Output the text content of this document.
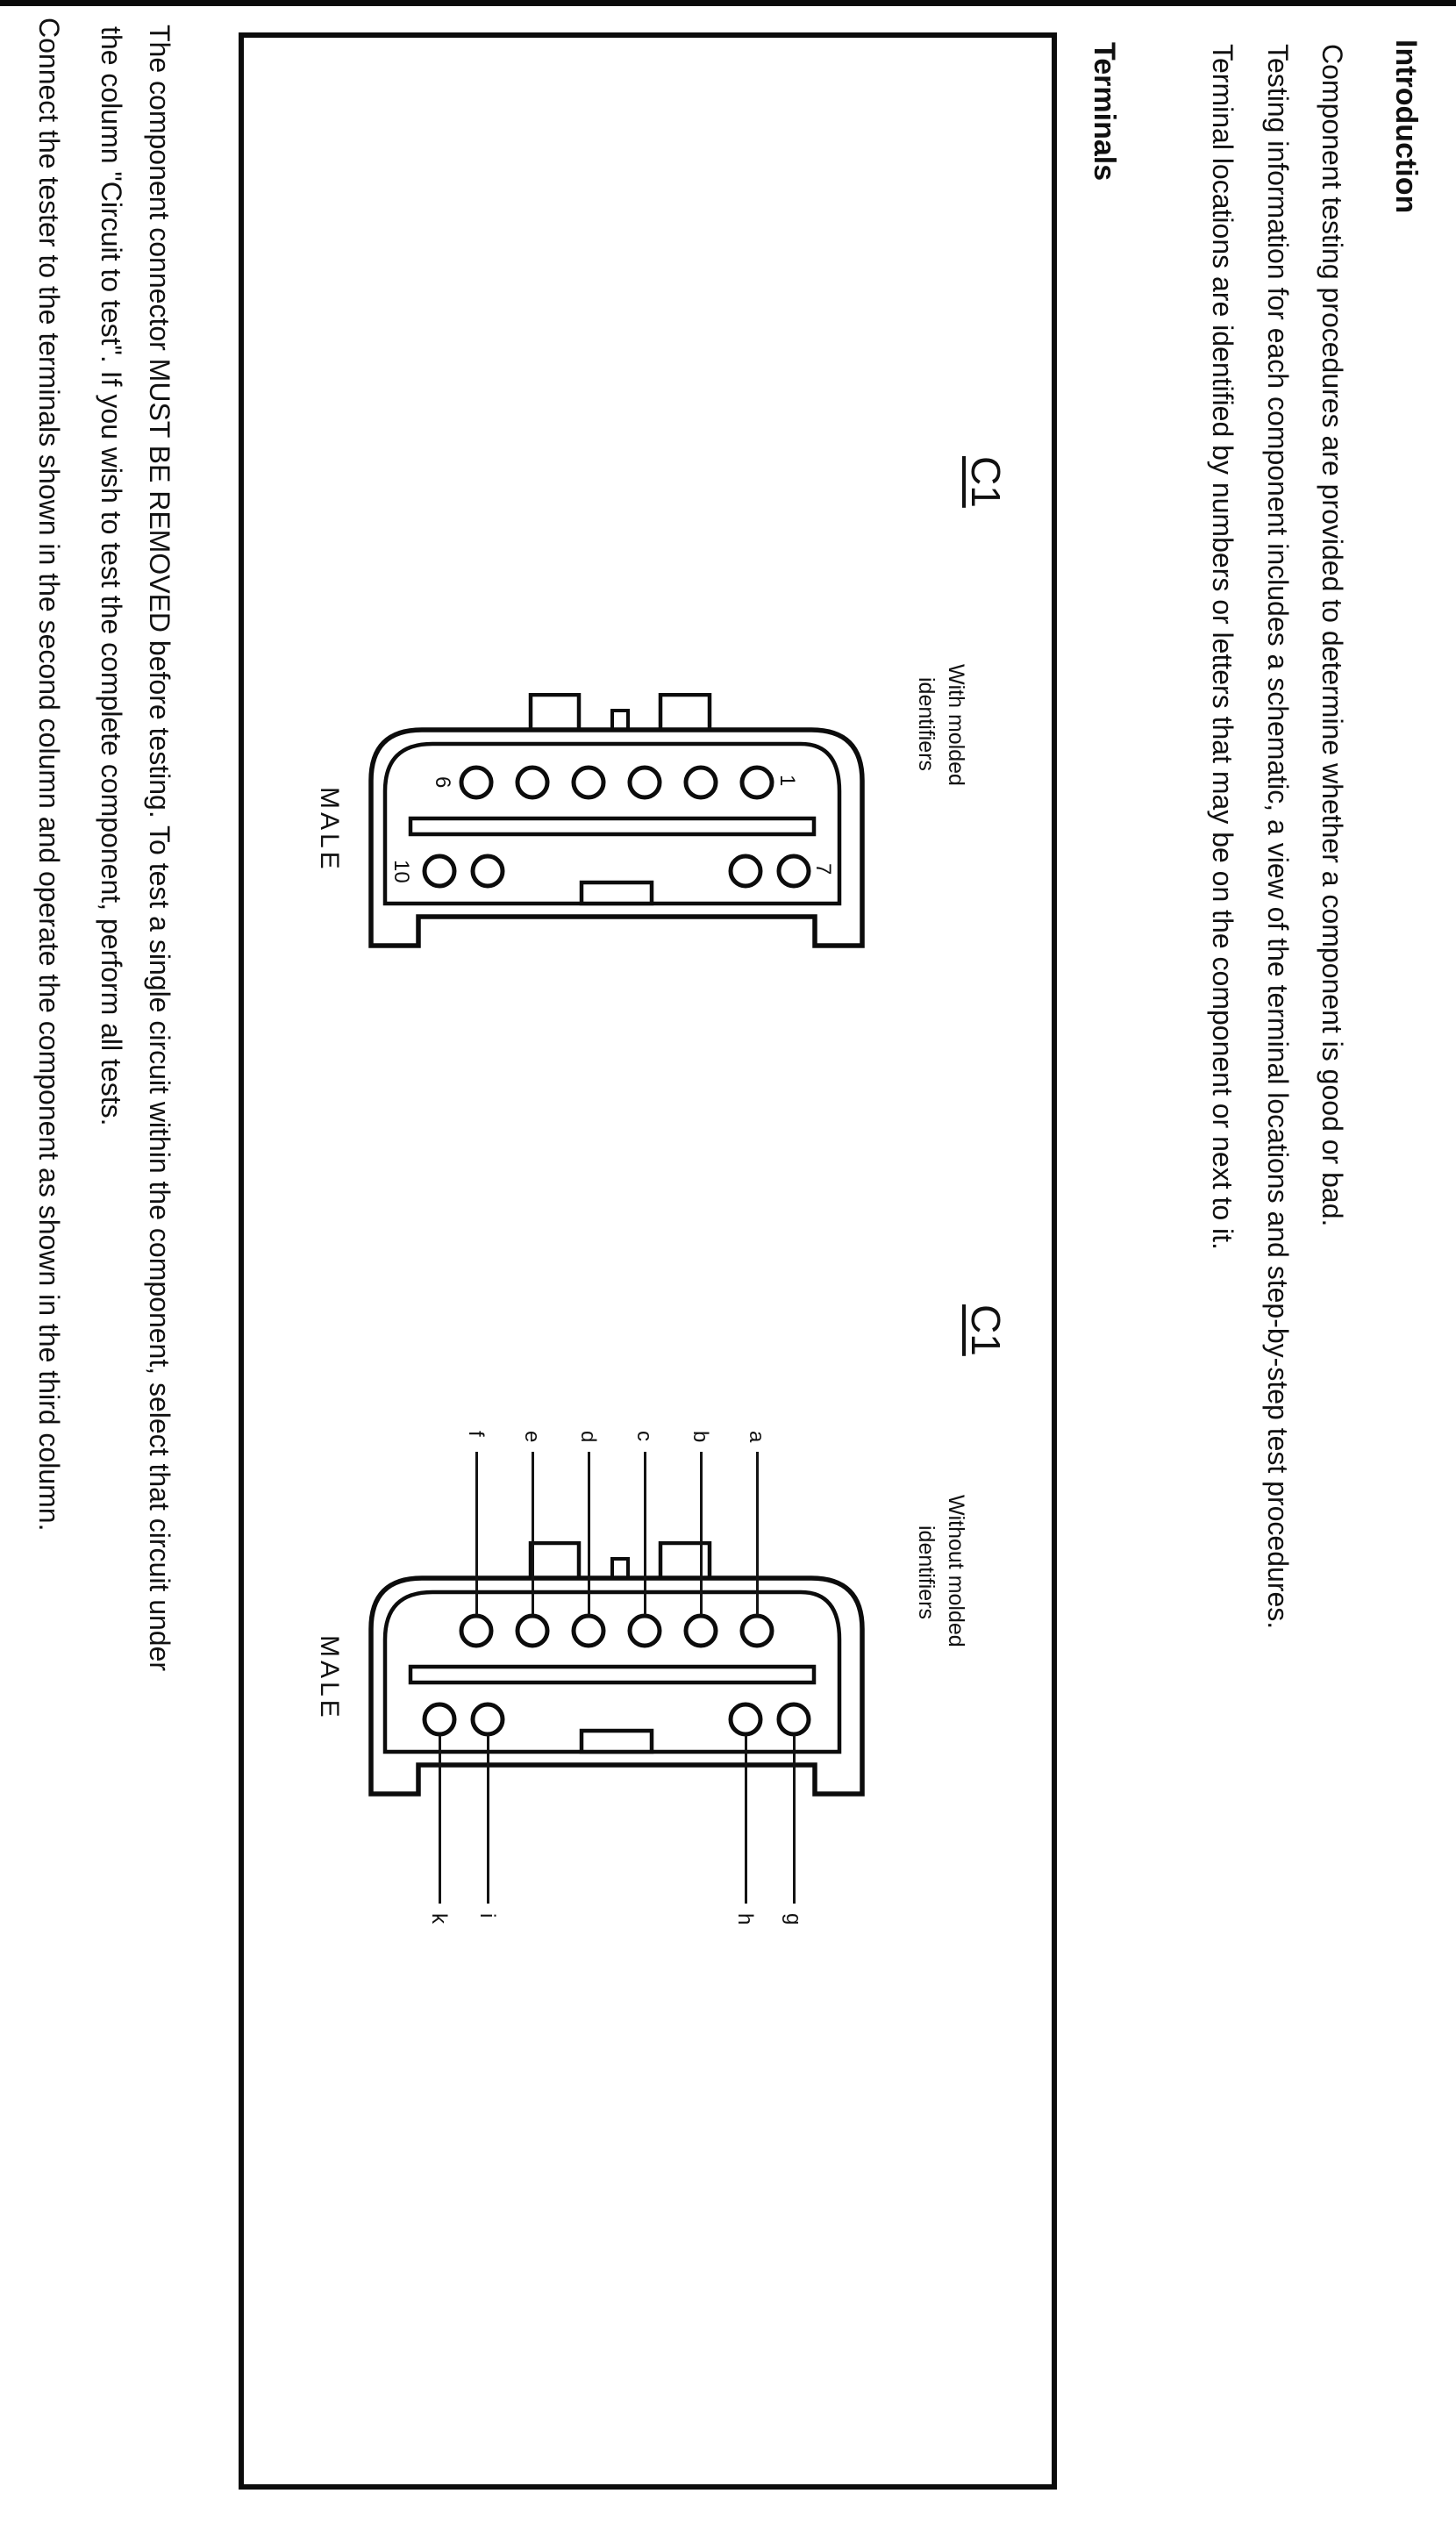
Introduction
Component testing procedures are provided to determine whether a component is good or bad.
Testing information for each component includes a schematic, a view of the terminal locations and step-by-step test procedures.
Terminal locations are identified by numbers or letters that may be on the component or next to it.
Terminals
The component connector MUST BE REMOVED before testing. To test a single circuit within the component, select that circuit under
the column "Circuit to test". If you wish to test the complete component, perform all tests.
Connect the tester to the terminals shown in the second column and operate the component as shown in the third column.	6	1
10	7
MALE
C1
With molded
identifiers
f e d c b a
k i	h g
MALE
C1
Without molded
identifiers
